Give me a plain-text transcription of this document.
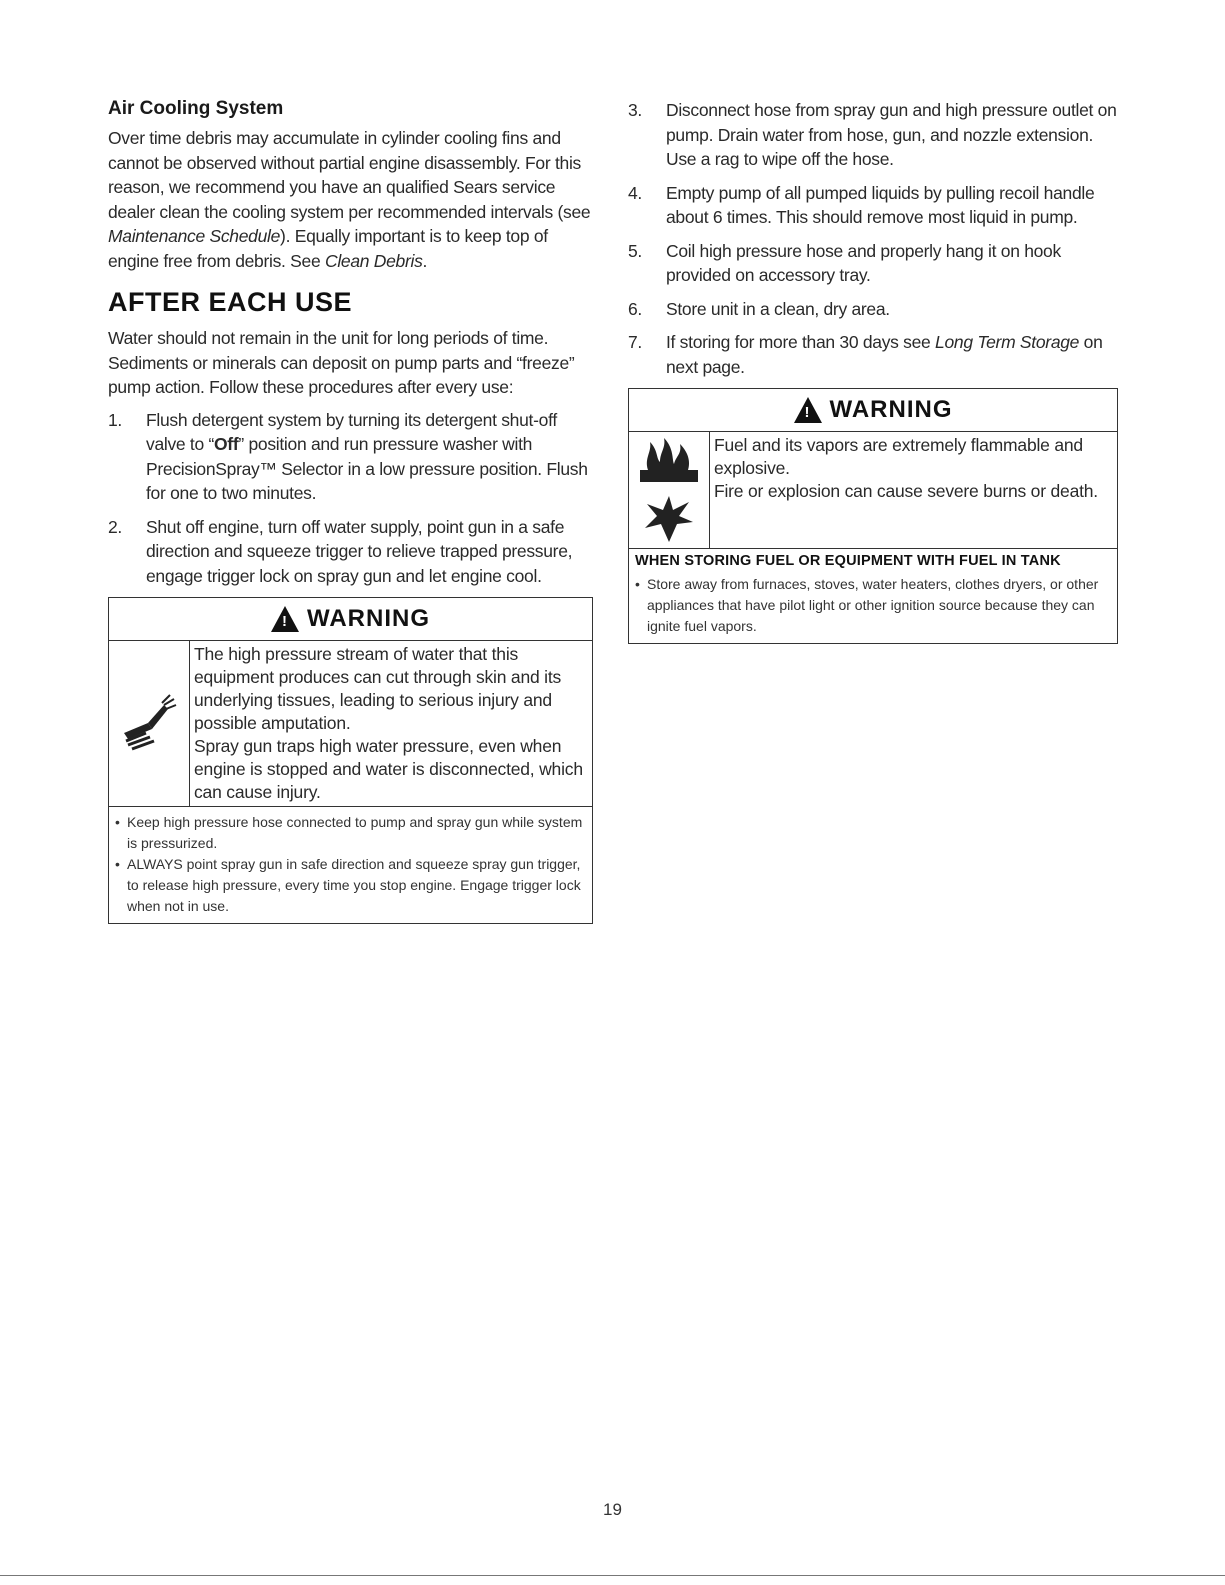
Air Cooling System

Over time debris may accumulate in cylinder cooling fins and cannot be observed without partial engine disassembly. For this reason, we recommend you have an qualified Sears service dealer clean the cooling system per recommended intervals (see Maintenance Schedule). Equally important is to keep top of engine free from debris. See Clean Debris.

AFTER EACH USE

Water should not remain in the unit for long periods of time. Sediments or minerals can deposit on pump parts and “freeze” pump action. Follow these procedures after every use:

1.	Flush detergent system by turning its detergent shut-off valve to “Off” position and run pressure washer with PrecisionSpray™ Selector in a low pressure position. Flush for one to two minutes.
2.	Shut off engine, turn off water supply, point gun in a safe direction and squeeze trigger to relieve trapped pressure, engage trigger lock on spray gun and let engine cool.
!
WARNING

The high pressure stream of water that this equipment produces can cut through skin and its underlying tissues, leading to serious injury and possible amputation.

Spray gun traps high water pressure, even when engine is stopped and water is disconnected, which can cause injury.

• Keep high pressure hose connected to pump and spray gun while system is pressurized.
• ALWAYS point spray gun in safe direction and squeeze spray gun trigger, to release high pressure, every time you stop engine. Engage trigger lock when not in use.
3.	Disconnect hose from spray gun and high pressure outlet on pump. Drain water from hose, gun, and nozzle extension. Use a rag to wipe off the hose.
4.	Empty pump of all pumped liquids by pulling recoil handle about 6 times. This should remove most liquid in pump.
5.	Coil high pressure hose and properly hang it on hook provided on accessory tray.
6.	Store unit in a clean, dry area.
7.	If storing for more than 30 days see Long Term Storage on next page.
!
WARNING

Fuel and its vapors are extremely flammable and explosive.

Fire or explosion can cause severe burns or death.

WHEN STORING FUEL OR EQUIPMENT WITH FUEL IN TANK
• Store away from furnaces, stoves, water heaters, clothes dryers, or other appliances that have pilot light or other ignition source because they can ignite fuel vapors.
19
